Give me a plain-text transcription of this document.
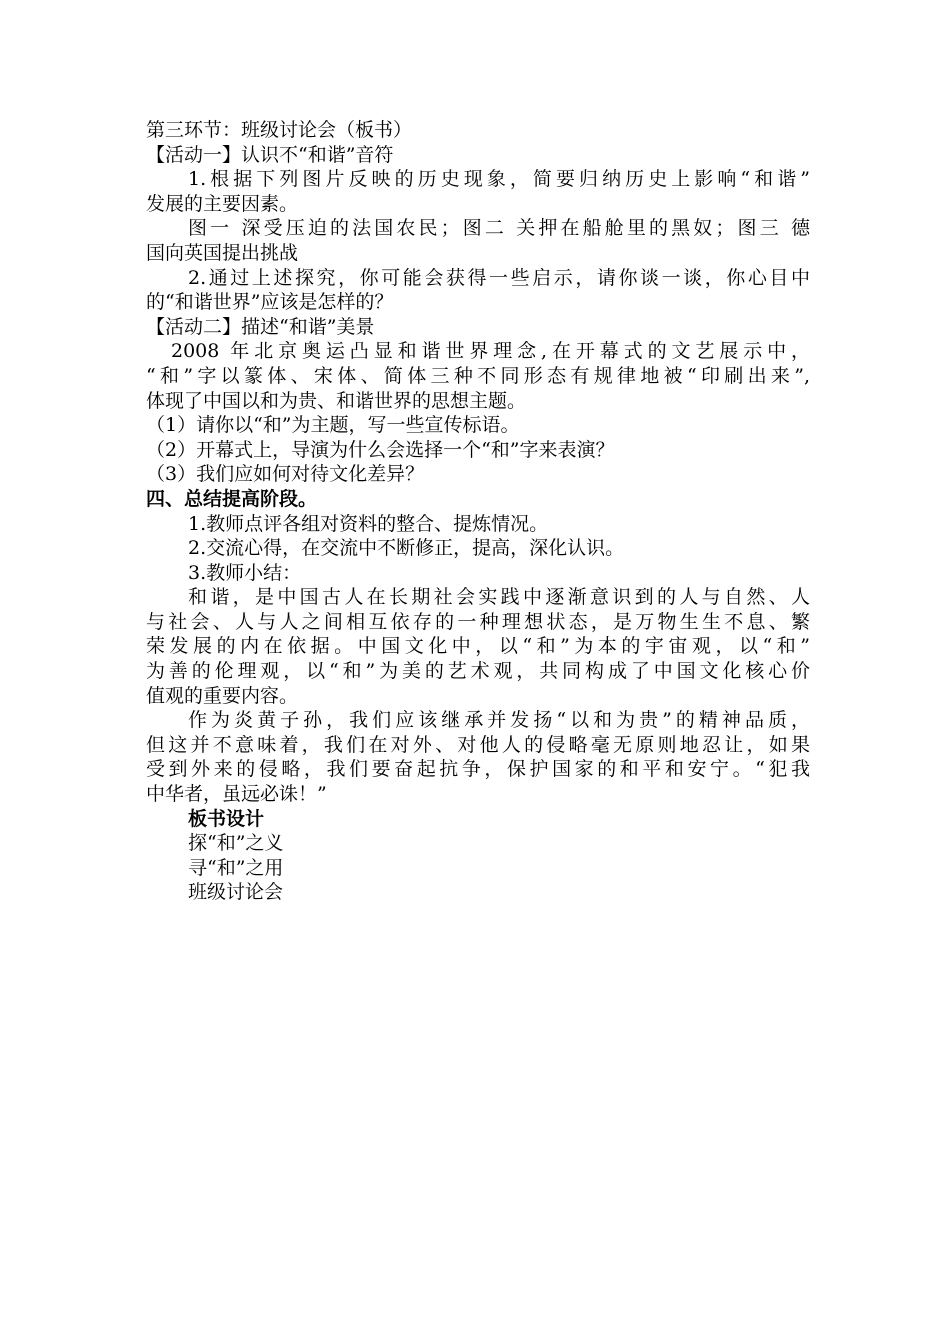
第三环节：班级讨论会（板书）
【活动一】认识不“和谐”音符
1.根据下列图片反映的历史现象，简要归纳历史上影响“和谐”
发展的主要因素。
图一 深受压迫的法国农民；图二 关押在船舱里的黑奴；图三 德
国向英国提出挑战
2.通过上述探究，你可能会获得一些启示，请你谈一谈，你心目中
的“和谐世界”应该是怎样的？
【活动二】描述“和谐”美景
2008 年北京奥运凸显和谐世界理念,在开幕式的文艺展示中，
“和”字以篆体、宋体、简体三种不同形态有规律地被“印刷出来”,
体现了中国以和为贵、和谐世界的思想主题。
（1）请你以“和”为主题，写一些宣传标语。
（2）开幕式上，导演为什么会选择一个“和”字来表演？
（3）我们应如何对待文化差异？
四、总结提高阶段。
1.教师点评各组对资料的整合、提炼情况。
2.交流心得，在交流中不断修正，提高，深化认识。
3.教师小结：
和谐，是中国古人在长期社会实践中逐渐意识到的人与自然、人
与社会、人与人之间相互依存的一种理想状态，是万物生生不息、繁
荣发展的内在依据。中国文化中，以“和”为本的宇宙观，以“和”
为善的伦理观，以“和”为美的艺术观，共同构成了中国文化核心价
值观的重要内容。
作为炎黄子孙，我们应该继承并发扬“以和为贵”的精神品质，
但这并不意味着，我们在对外、对他人的侵略毫无原则地忍让，如果
受到外来的侵略，我们要奋起抗争，保护国家的和平和安宁。“犯我
中华者，虽远必诛！”
板书设计
探“和”之义
寻“和”之用
班级讨论会
